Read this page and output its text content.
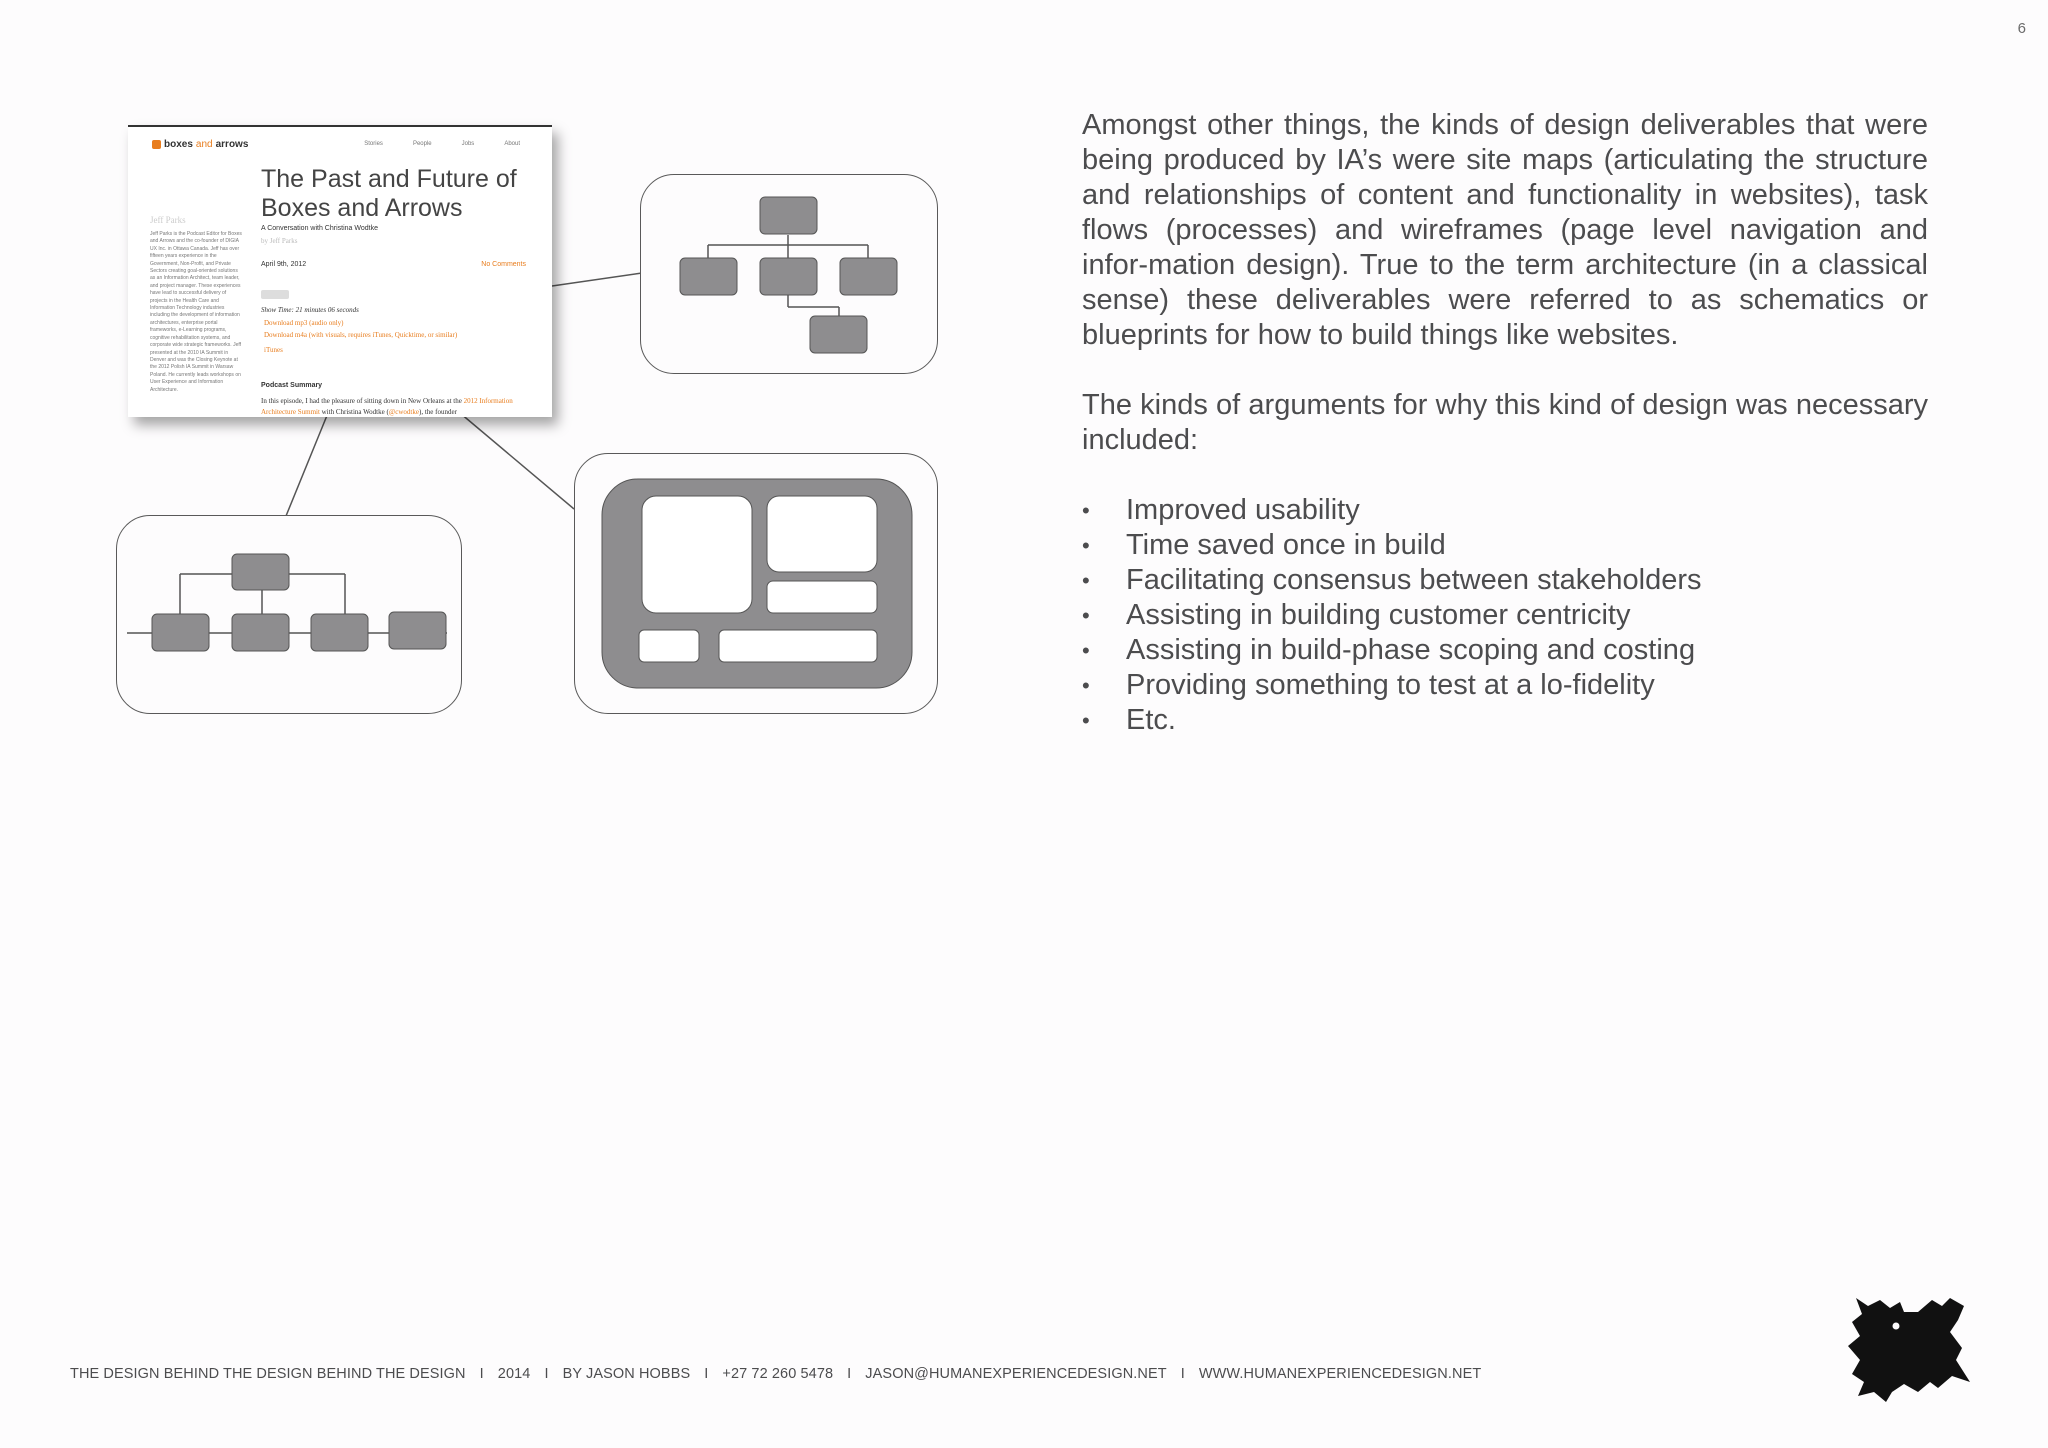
6
boxes and arrows	Stories	People	Jobs	About
Jeff Parks
Jeff Parks is the Podcast Editor for Boxes and Arrows and the co-founder of DIGIA UX Inc. in Ottawa Canada. Jeff has over fifteen years experience in the Government, Non-Profit, and Private Sectors creating goal-oriented solutions as an Information Architect, team leader, and project manager. These experiences have lead to successful delivery of projects in the Health Care and Information Technology industries including the development of information architectures, enterprise portal frameworks, e-Learning programs, cognitive rehabilitation systems, and corporate wide strategic frameworks. Jeff presented at the 2010 IA Summit in Denver and was the Closing Keynote at the 2012 Polish IA Summit in Warsaw Poland. He currently leads workshops on User Experience and Information Architecture.
The Past and Future of Boxes and Arrows
A Conversation with Christina Wodtke
by Jeff Parks
April 9th, 2012	No Comments
Show Time: 21 minutes 06 seconds
Download mp3 (audio only)
Download m4a (with visuals, requires iTunes, Quicktime, or similar)
iTunes
Podcast Summary
In this episode, I had the pleasure of sitting down in New Orleans at the 2012 Information Architecture Summit with Christina Wodtke (@cwodtke), the founder

Amongst other things, the kinds of design deliverables that were being produced by IA’s were site maps (articulating the structure and relationships of content and functionality in websites), task flows (processes) and wireframes (page level navigation and infor-mation design). True to the term architecture (in a classical sense) these deliverables were referred to as schematics or blueprints for how to build things like websites.

The kinds of arguments for why this kind of design was necessary included:

• Improved usability
• Time saved once in build
• Facilitating consensus between stakeholders
• Assisting in building customer centricity
• Assisting in build-phase scoping and costing
• Providing something to test at a lo-fidelity
• Etc.
THE DESIGN BEHIND THE DESIGN BEHIND THE DESIGN I 2014 I BY JASON HOBBS I +27 72 260 5478 I JASON@HUMANEXPERIENCEDESIGN.NET I WWW.HUMANEXPERIENCEDESIGN.NET
